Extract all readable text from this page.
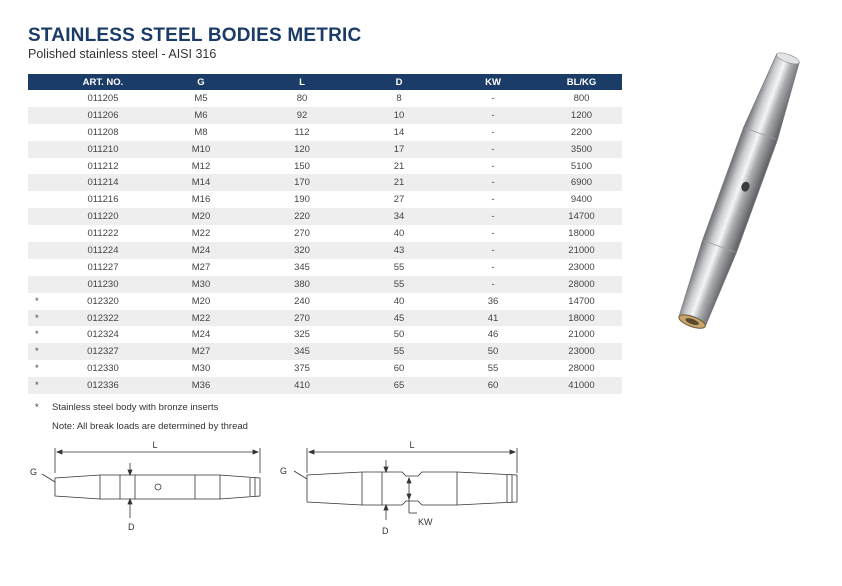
STAINLESS STEEL BODIES METRIC
Polished stainless steel - AISI 316
	ART. NO.	G	L	D	KW	BL/KG
	011205	M5	80	8	-	800
	011206	M6	92	10	-	1200
	011208	M8	112	14	-	2200
	011210	M10	120	17	-	3500
	011212	M12	150	21	-	5100
	011214	M14	170	21	-	6900
	011216	M16	190	27	-	9400
	011220	M20	220	34	-	14700
	011222	M22	270	40	-	18000
	011224	M24	320	43	-	21000
	011227	M27	345	55	-	23000
	011230	M30	380	55	-	28000
*	012320	M20	240	40	36	14700
*	012322	M22	270	45	41	18000
*	012324	M24	325	50	46	21000
*	012327	M27	345	55	50	23000
*	012330	M30	375	60	55	28000
*	012336	M36	410	65	60	41000
* Stainless steel body with bronze inserts
Note: All break loads are determined by thread
L
G
D
L
G
D
KW
